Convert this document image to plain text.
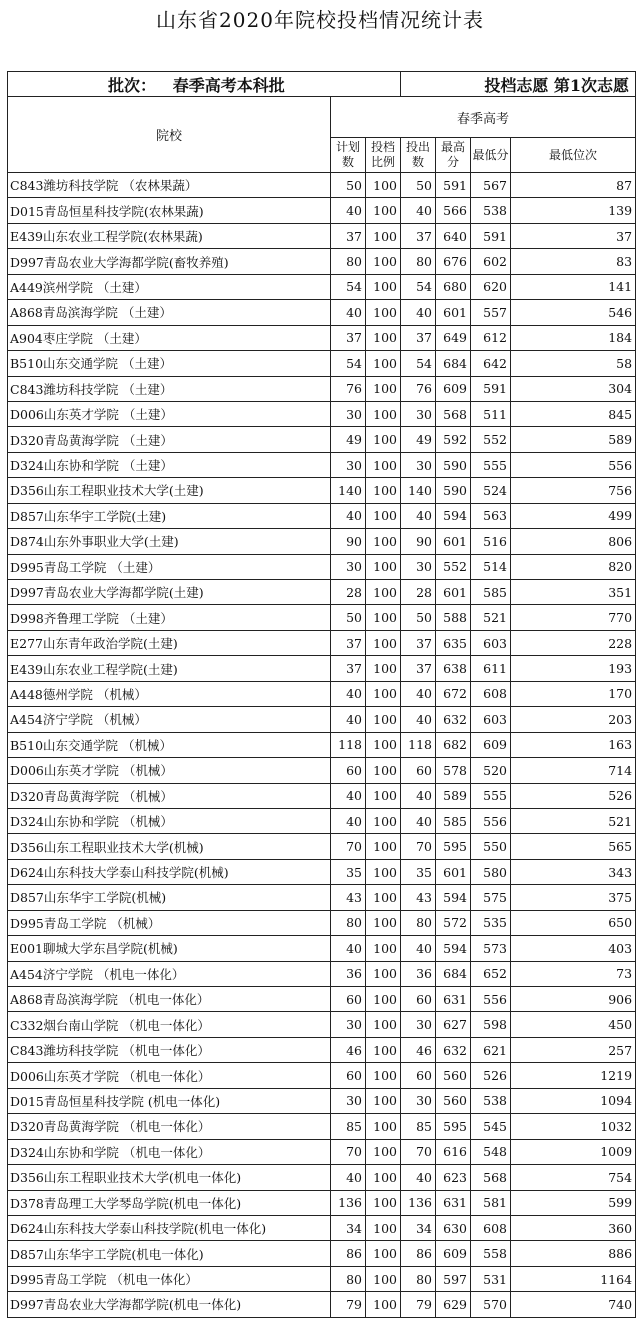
山东省2020年院校投档情况统计表
批次： 春季高考本科批			投档志愿 第1次志愿			
院校	春季高考					
	计划数	投档比例	投出数	最高分	最低分	最低位次
C843潍坊科技学院 （农林果蔬）	50	100	50	591	567	87
D015青岛恒星科技学院(农林果蔬)	40	100	40	566	538	139
E439山东农业工程学院(农林果蔬)	37	100	37	640	591	37
D997青岛农业大学海都学院(畜牧养殖)	80	100	80	676	602	83
A449滨州学院 （土建）	54	100	54	680	620	141
A868青岛滨海学院 （土建）	40	100	40	601	557	546
A904枣庄学院 （土建）	37	100	37	649	612	184
B510山东交通学院 （土建）	54	100	54	684	642	58
C843潍坊科技学院 （土建）	76	100	76	609	591	304
D006山东英才学院 （土建）	30	100	30	568	511	845
D320青岛黄海学院 （土建）	49	100	49	592	552	589
D324山东协和学院 （土建）	30	100	30	590	555	556
D356山东工程职业技术大学(土建)	140	100	140	590	524	756
D857山东华宇工学院(土建)	40	100	40	594	563	499
D874山东外事职业大学(土建)	90	100	90	601	516	806
D995青岛工学院 （土建）	30	100	30	552	514	820
D997青岛农业大学海都学院(土建)	28	100	28	601	585	351
D998齐鲁理工学院 （土建）	50	100	50	588	521	770
E277山东青年政治学院(土建)	37	100	37	635	603	228
E439山东农业工程学院(土建)	37	100	37	638	611	193
A448德州学院 （机械）	40	100	40	672	608	170
A454济宁学院 （机械）	40	100	40	632	603	203
B510山东交通学院 （机械）	118	100	118	682	609	163
D006山东英才学院 （机械）	60	100	60	578	520	714
D320青岛黄海学院 （机械）	40	100	40	589	555	526
D324山东协和学院 （机械）	40	100	40	585	556	521
D356山东工程职业技术大学(机械)	70	100	70	595	550	565
D624山东科技大学泰山科技学院(机械)	35	100	35	601	580	343
D857山东华宇工学院(机械)	43	100	43	594	575	375
D995青岛工学院 （机械）	80	100	80	572	535	650
E001聊城大学东昌学院(机械)	40	100	40	594	573	403
A454济宁学院 （机电一体化）	36	100	36	684	652	73
A868青岛滨海学院 （机电一体化）	60	100	60	631	556	906
C332烟台南山学院 （机电一体化）	30	100	30	627	598	450
C843潍坊科技学院 （机电一体化）	46	100	46	632	621	257
D006山东英才学院 （机电一体化）	60	100	60	560	526	1219
D015青岛恒星科技学院 (机电一体化)	30	100	30	560	538	1094
D320青岛黄海学院 （机电一体化）	85	100	85	595	545	1032
D324山东协和学院 （机电一体化）	70	100	70	616	548	1009
D356山东工程职业技术大学(机电一体化)	40	100	40	623	568	754
D378青岛理工大学琴岛学院(机电一体化)	136	100	136	631	581	599
D624山东科技大学泰山科技学院(机电一体化)	34	100	34	630	608	360
D857山东华宇工学院(机电一体化)	86	100	86	609	558	886
D995青岛工学院 （机电一体化）	80	100	80	597	531	1164
D997青岛农业大学海都学院(机电一体化)	79	100	79	629	570	740
